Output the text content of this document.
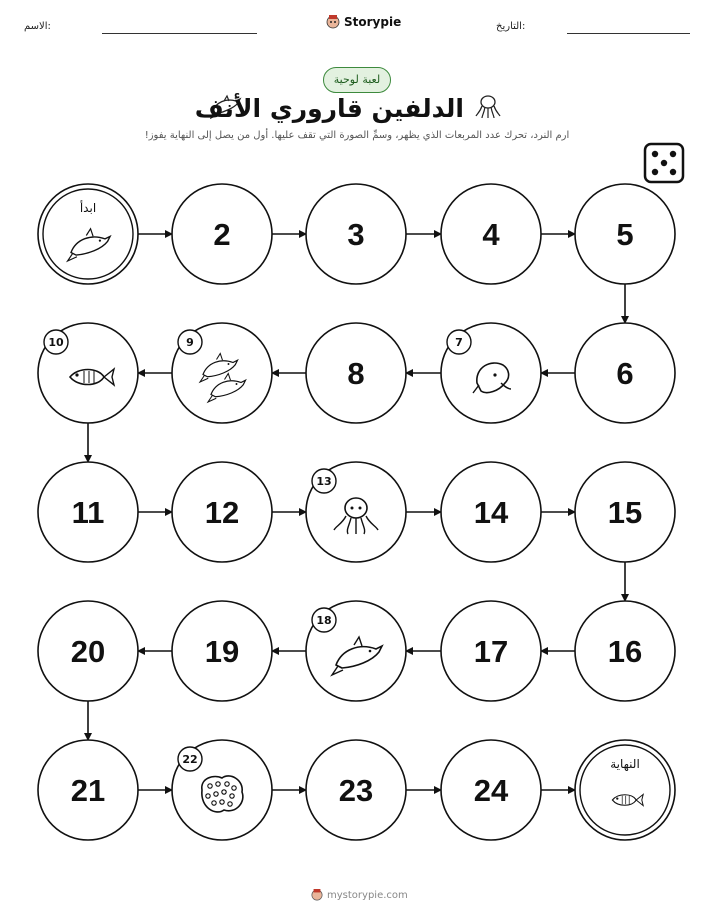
التاريخ:
الاسم:	Storypie
لعبة لوحية
الدلفين قاروري الأنف
ارم النرد، تحرك عدد المربعات الذي يظهر، وسمِّ الصورة التي تقف عليها. أول من يصل إلى النهاية يفوز!
ابدأ
2	3	4	5
6
7
8
9
10
11	12
13
14	15
16
17
18
19
20
21
22
23	24
النهاية
mystorypie.com
